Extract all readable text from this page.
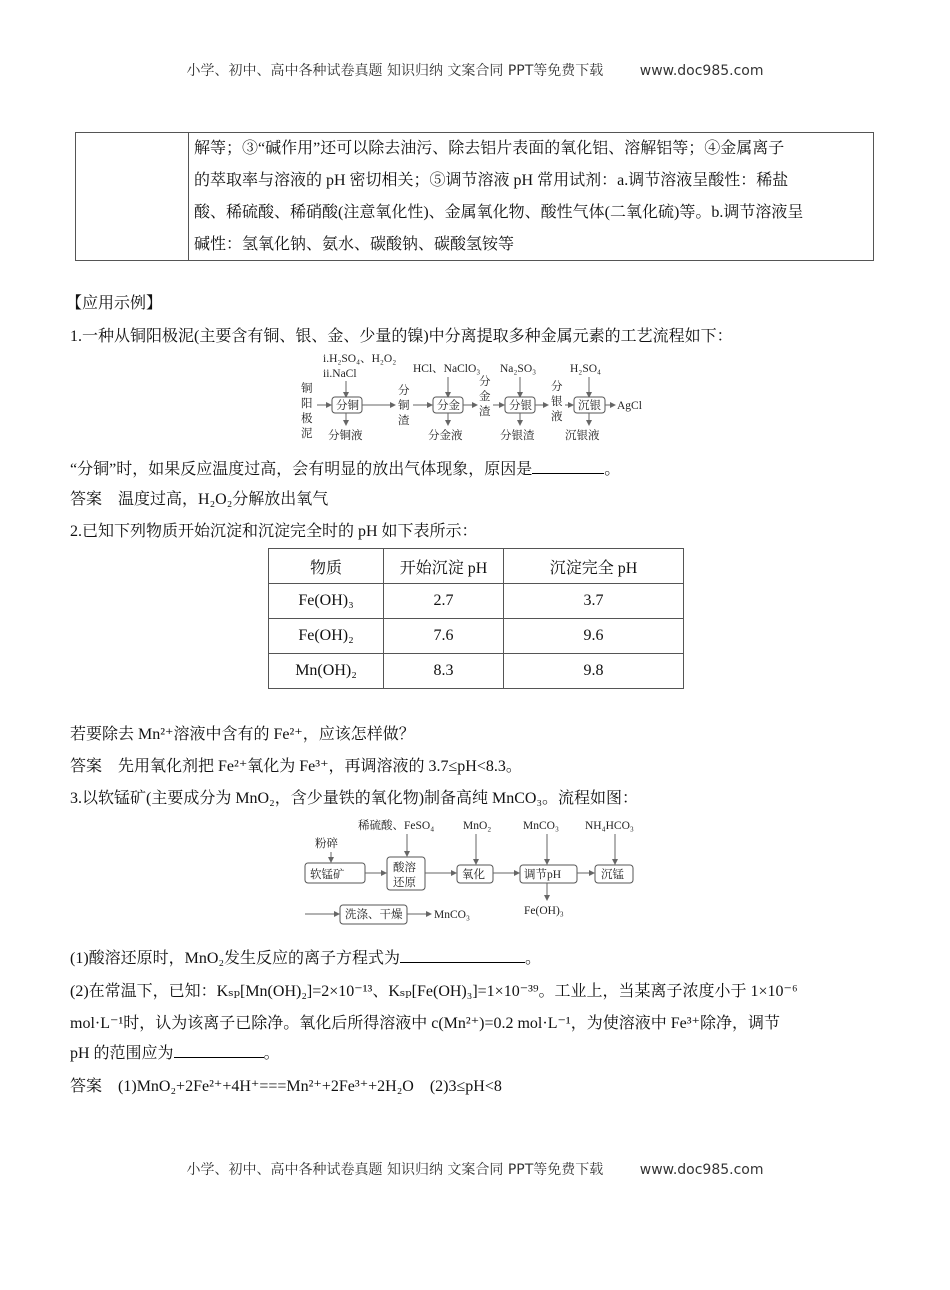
小学、初中、高中各种试卷真题 知识归纳 文案合同 PPT等免费下载	www.doc985.com
解等；③“碱作用”还可以除去油污、除去铝片表面的氧化铝、溶解铝等；④金属离子
的萃取率与溶液的 pH 密切相关；⑤调节溶液 pH 常用试剂：a.调节溶液呈酸性：稀盐
酸、稀硫酸、稀硝酸(注意氧化性)、金属氧化物、酸性气体(二氧化硫)等。b.调节溶液呈
碱性：氢氧化钠、氨水、碳酸钠、碳酸氢铵等
【应用示例】
1.一种从铜阳极泥(主要含有铜、银、金、少量的镍)中分离提取多种金属元素的工艺流程如下：
铜
阳
极
泥
i.H₂SO₄、H₂O₂
ii.NaCl
分铜
分铜液
分
铜
渣
HCl、NaClO₃
分金
分金液
分
金
渣
Na₂SO₃
分银
分银渣
分
银
液
H₂SO₄
沉银
沉银液
AgCl
“分铜”时，如果反应温度过高，会有明显的放出气体现象，原因是	。
答案　 温度过高，H₂O₂分解放出氧气
2.已知下列物质开始沉淀和沉淀完全时的 pH 如下表所示：
物质	开始沉淀 pH	沉淀完全 pH
Fe(OH)₃	2.7	3.7
Fe(OH)₂	7.6	9.6
Mn(OH)₂	8.3	9.8
若要除去 Mn²⁺溶液中含有的 Fe²⁺，应该怎样做？
答案　 先用氧化剂把 Fe²⁺氧化为 Fe³⁺，再调溶液的 3.7≤pH<8.3。
3.以软锰矿(主要成分为 MnO₂，含少量铁的氧化物)制备高纯 MnCO₃。流程如图：
粉碎
软锰矿
稀硫酸、FeSO₄
酸溶
还原
MnO₂
氧化
MnCO₃
调节pH
Fe(OH)₃
NH₄HCO₃
沉锰
洗涤、干燥	MnCO₃
(1)酸溶还原时，MnO₂发生反应的离子方程式为	。
(2)在常温下，已知：Kₛₚ[Mn(OH)₂]=2×10⁻¹³、Kₛₚ[Fe(OH)₃]=1×10⁻³⁹。工业上，当某离子浓度小于 1×10⁻⁶
mol·L⁻¹时，认为该离子已除净。氧化后所得溶液中 c(Mn²⁺)=0.2 mol·L⁻¹，为使溶液中 Fe³⁺除净，调节
pH 的范围应为	。
答案　 (1)MnO₂+2Fe²⁺+4H⁺===Mn²⁺+2Fe³⁺+2H₂O　(2)3≤pH<8
小学、初中、高中各种试卷真题 知识归纳 文案合同 PPT等免费下载	www.doc985.com
